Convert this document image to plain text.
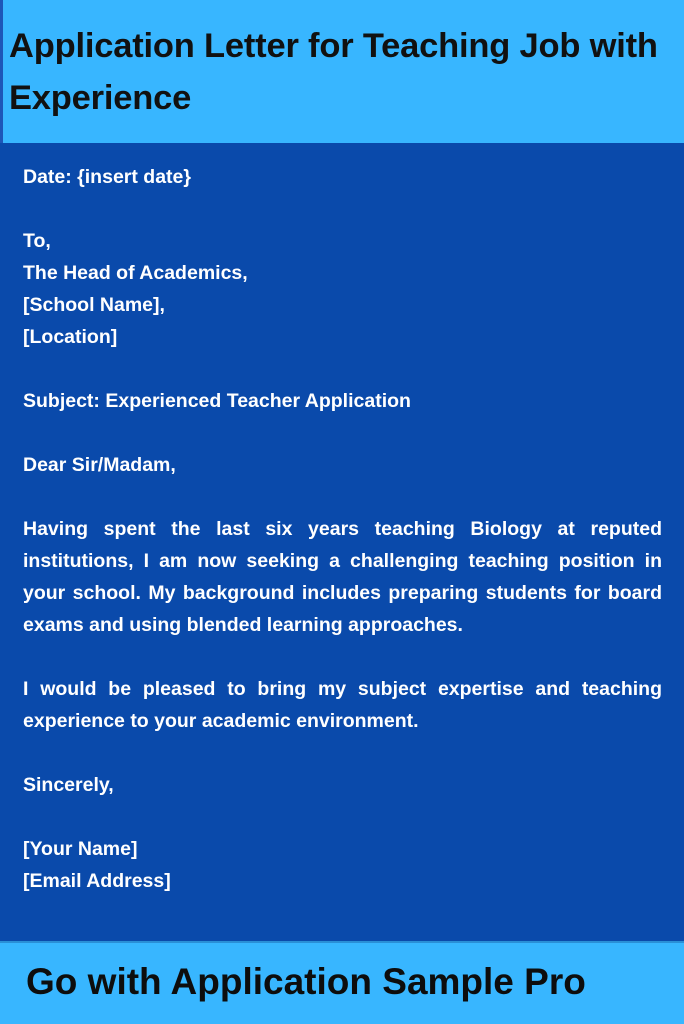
Application Letter for Teaching Job with Experience
Date: {insert date}
To,
The Head of Academics,
[School Name],
[Location]
Subject: Experienced Teacher Application
Dear Sir/Madam,
Having spent the last six years teaching Biology at reputed institutions, I am now seeking a challenging teaching position in your school. My background includes preparing students for board exams and using blended learning approaches.
I would be pleased to bring my subject expertise and teaching experience to your academic environment.
Sincerely,
[Your Name]
[Email Address]

Go with Application Sample Pro
